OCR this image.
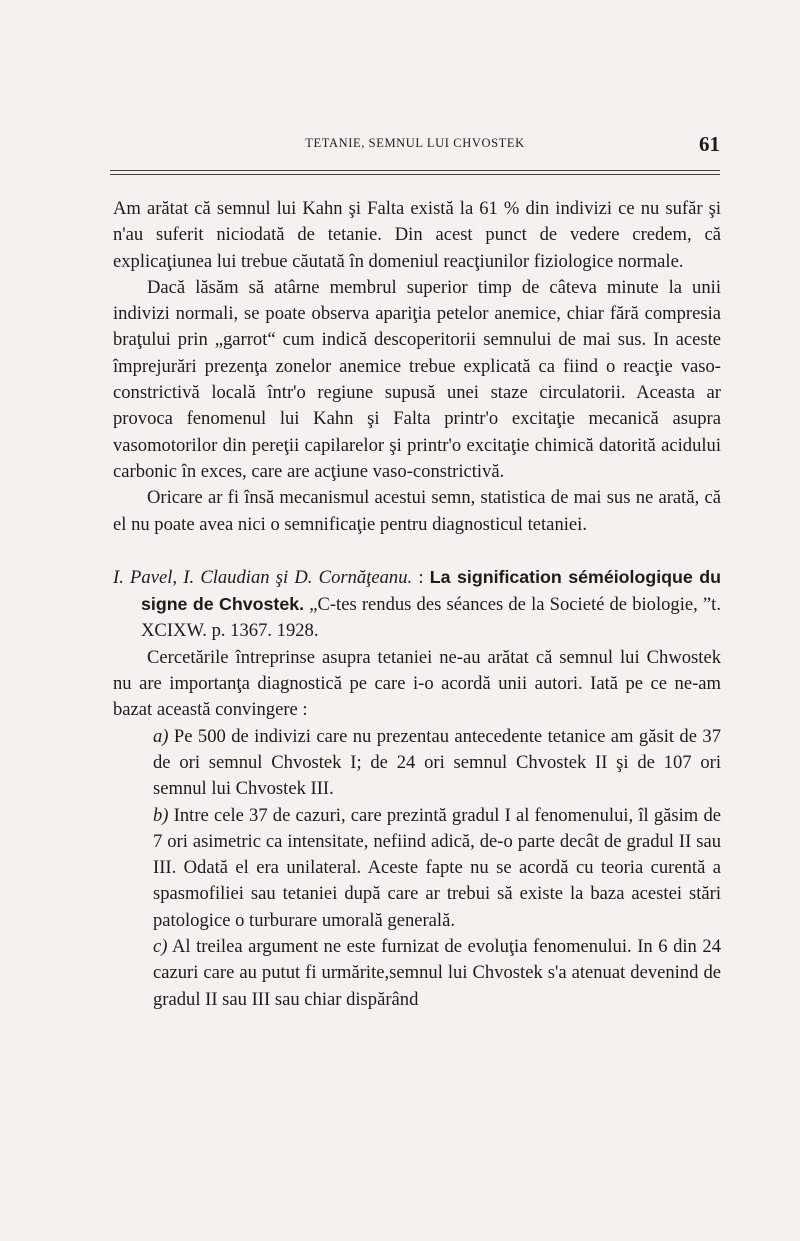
TETANIE, SEMNUL LUI CHVOSTEK	61

Am arătat că semnul lui Kahn şi Falta există la 61 % din indivizi ce nu sufăr şi n'au suferit niciodată de tetanie. Din acest punct de vedere credem, că explicaţiunea lui trebue căutată în domeniul reacţiunilor fiziologice normale.

Dacă lăsăm să atârne membrul superior timp de câteva minute la unii indivizi normali, se poate observa apariţia petelor anemice, chiar fără compresia braţului prin „garrot“ cum indică descoperitorii semnului de mai sus. In aceste împrejurări prezenţa zonelor anemice trebue explicată ca fiind o reacţie vaso-constrictivă locală într'o regiune supusă unei staze circulatorii. Aceasta ar provoca fenomenul lui Kahn şi Falta printr'o excitaţie mecanică asupra vasomotorilor din pereţii capilarelor şi printr'o excitaţie chimică datorită acidului carbonic în exces, care are acţiune vaso-constrictivă.

Oricare ar fi însă mecanismul acestui semn, statistica de mai sus ne arată, că el nu poate avea nici o semnificaţie pentru diagnosticul tetaniei.

I. Pavel, I. Claudian şi D. Cornăţeanu. : La signification séméiologique du signe de Chvostek. „C-tes rendus des séances de la Societé de biologie, ”t. XCIXW. p. 1367. 1928.

Cercetările întreprinse asupra tetaniei ne-au arătat că semnul lui Chwostek nu are importanţa diagnostică pe care i-o acordă unii autori. Iată pe ce ne-am bazat această convingere :

a) Pe 500 de indivizi care nu prezentau antecedente tetanice am găsit de 37 de ori semnul Chvostek I; de 24 ori semnul Chvostek II şi de 107 ori semnul lui Chvostek III.

b) Intre cele 37 de cazuri, care prezintă gradul I al fenomenului, îl găsim de 7 ori asimetric ca intensitate, nefiind adică, de-o parte decât de gradul II sau III. Odată el era unilateral. Aceste fapte nu se acordă cu teoria curentă a spasmofiliei sau tetaniei după care ar trebui să existe la baza acestei stări patologice o turburare umorală generală.

c) Al treilea argument ne este furnizat de evoluţia fenomenului. In 6 din 24 cazuri care au putut fi urmărite,semnul lui Chvostek s'a atenuat devenind de gradul II sau III sau chiar dispărând
